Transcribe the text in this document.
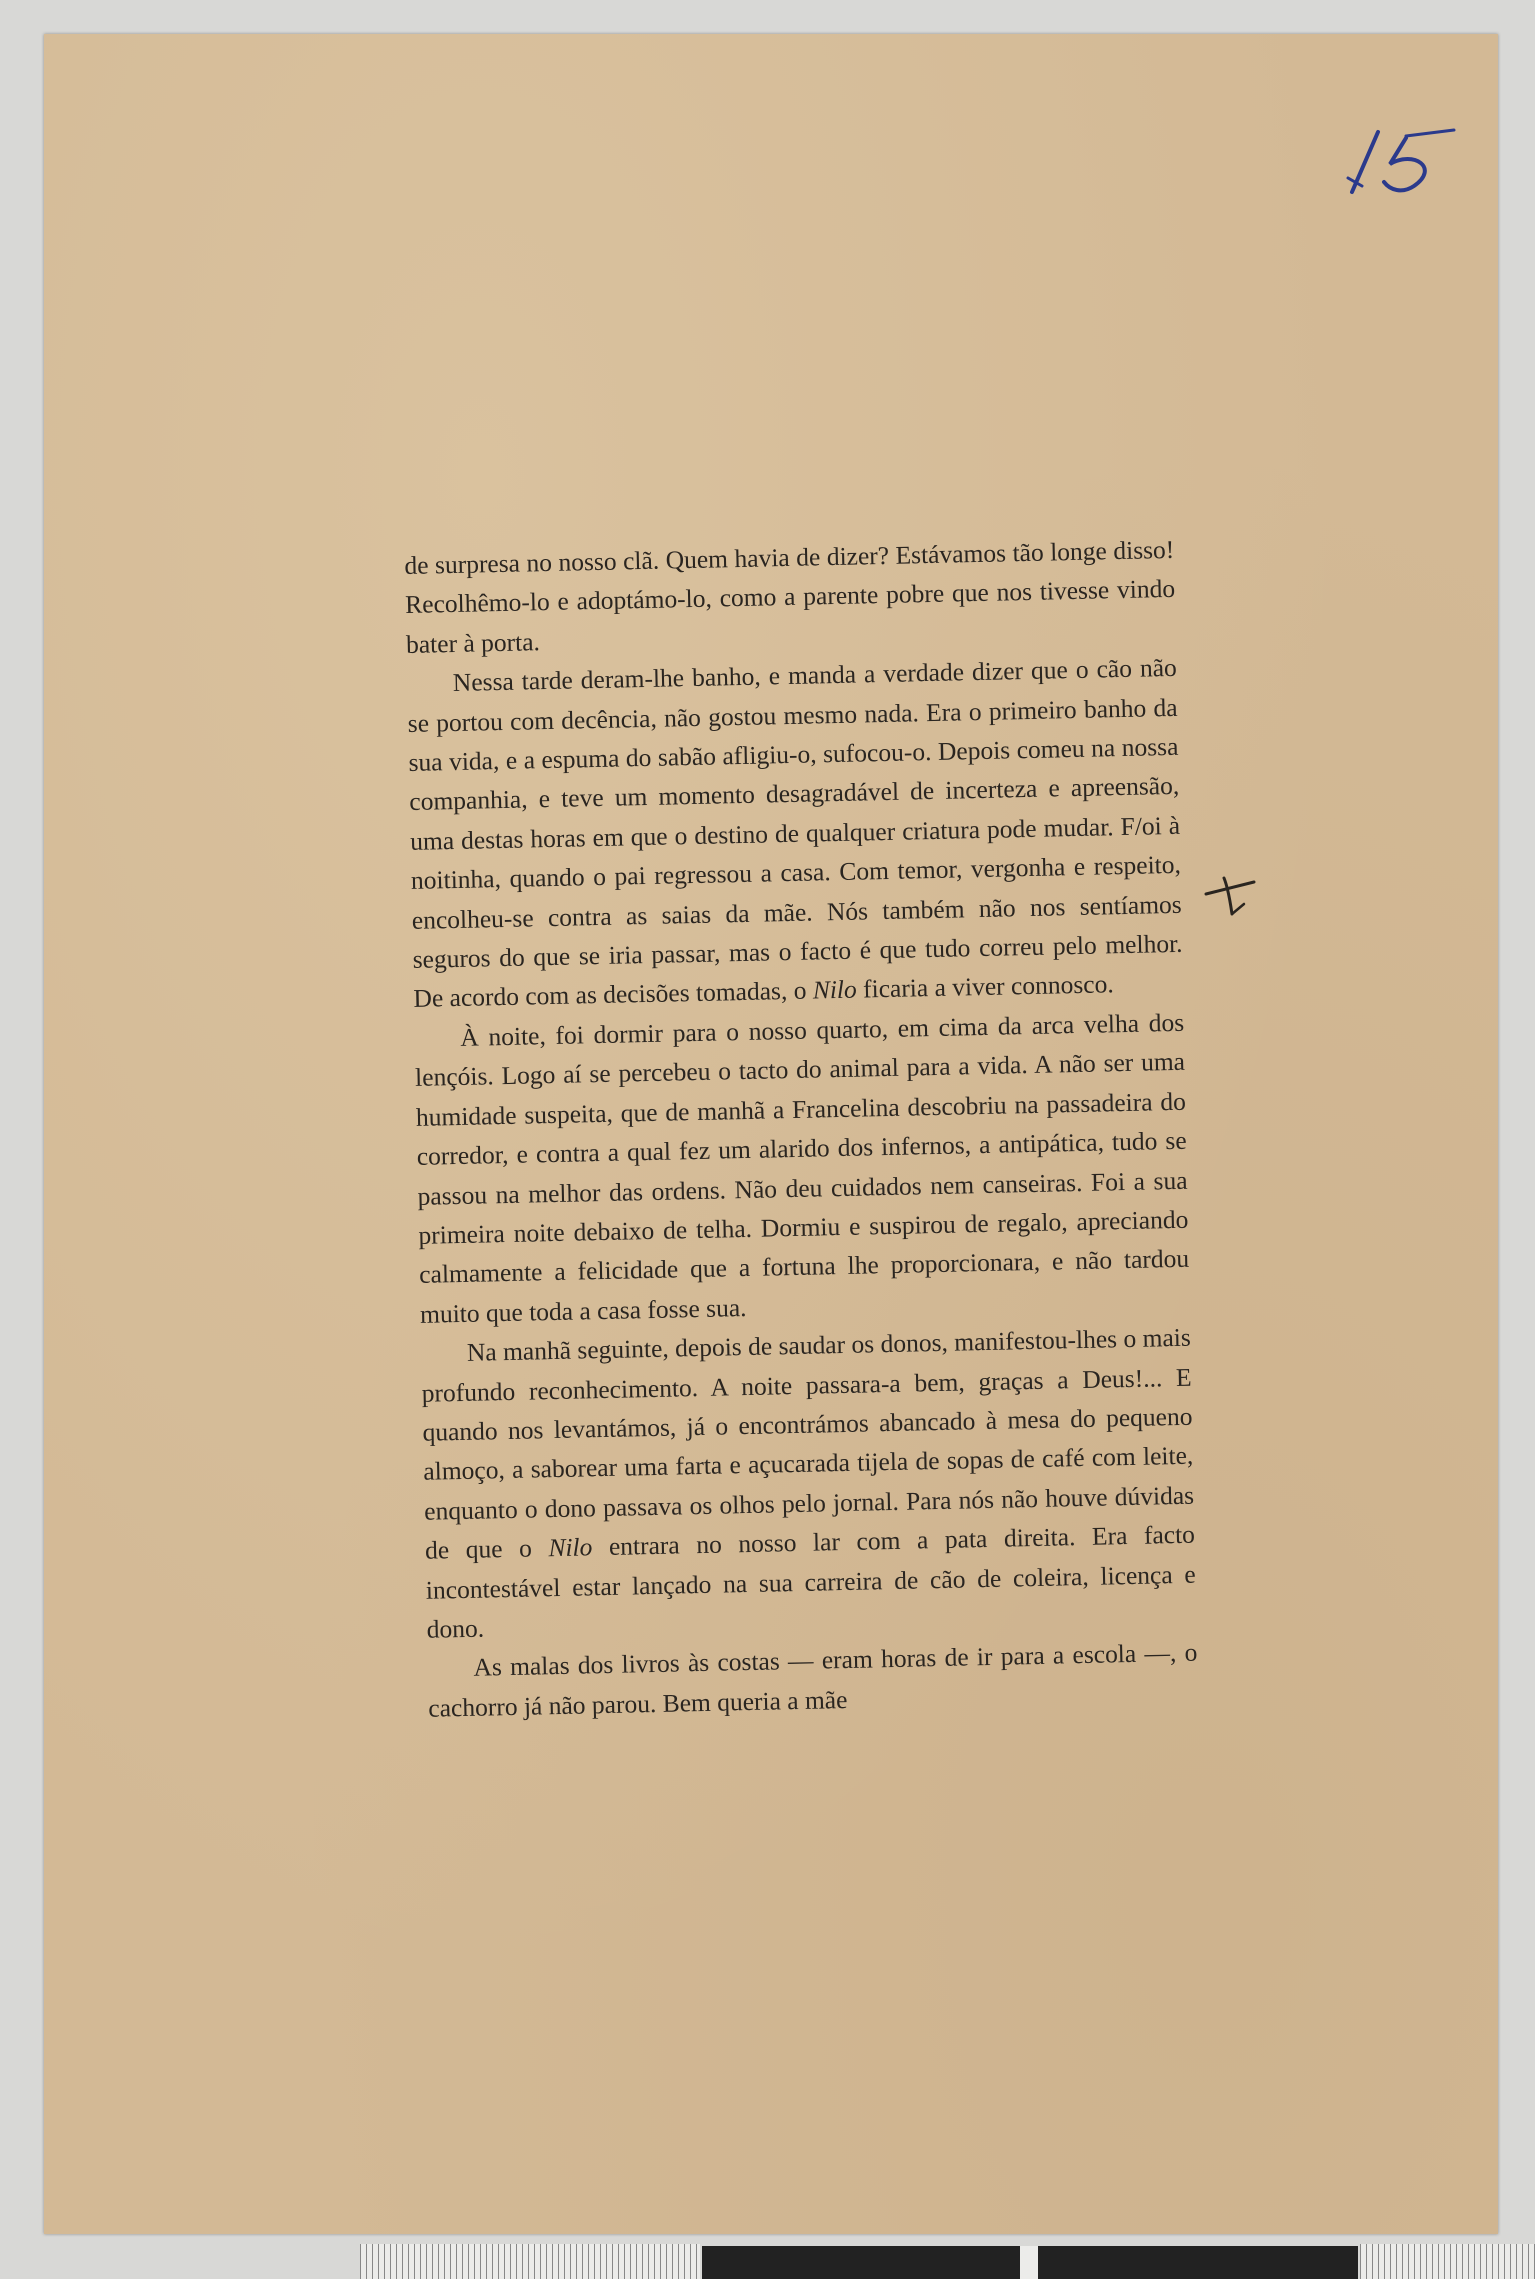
de surpresa no nosso clã. Quem havia de dizer? Estávamos tão longe disso! Recolhêmo-lo e adoptámo-lo, como a parente pobre que nos tivesse vindo bater à porta.

Nessa tarde deram-lhe banho, e manda a verdade dizer que o cão não se portou com decência, não gostou mesmo nada. Era o primeiro banho da sua vida, e a espuma do sabão afligiu-o, sufocou-o. Depois comeu na nossa companhia, e teve um momento desagradável de incerteza e apreensão, uma destas horas em que o destino de qualquer criatura pode mudar. F/oi à noitinha, quando o pai regressou a casa. Com temor, vergonha e respeito, encolheu-se contra as saias da mãe. Nós também não nos sentíamos seguros do que se iria passar, mas o facto é que tudo correu pelo melhor. De acordo com as decisões tomadas, o Nilo ficaria a viver connosco.

À noite, foi dormir para o nosso quarto, em cima da arca velha dos lençóis. Logo aí se percebeu o tacto do animal para a vida. A não ser uma humidade suspeita, que de manhã a Francelina descobriu na passadeira do corredor, e contra a qual fez um alarido dos infernos, a antipática, tudo se passou na melhor das ordens. Não deu cuidados nem canseiras. Foi a sua primeira noite debaixo de telha. Dormiu e suspirou de regalo, apreciando calmamente a felicidade que a fortuna lhe proporcionara, e não tardou muito que toda a casa fosse sua.

Na manhã seguinte, depois de saudar os donos, manifestou-lhes o mais profundo reconhecimento. A noite passara-a bem, graças a Deus!... E quando nos levantámos, já o encontrámos abancado à mesa do pequeno almoço, a saborear uma farta e açucarada tijela de sopas de café com leite, enquanto o dono passava os olhos pelo jornal. Para nós não houve dúvidas de que o Nilo entrara no nosso lar com a pata direita. Era facto incontestável estar lançado na sua carreira de cão de coleira, licença e dono.

As malas dos livros às costas — eram horas de ir para a escola —, o cachorro já não parou. Bem queria a mãe
